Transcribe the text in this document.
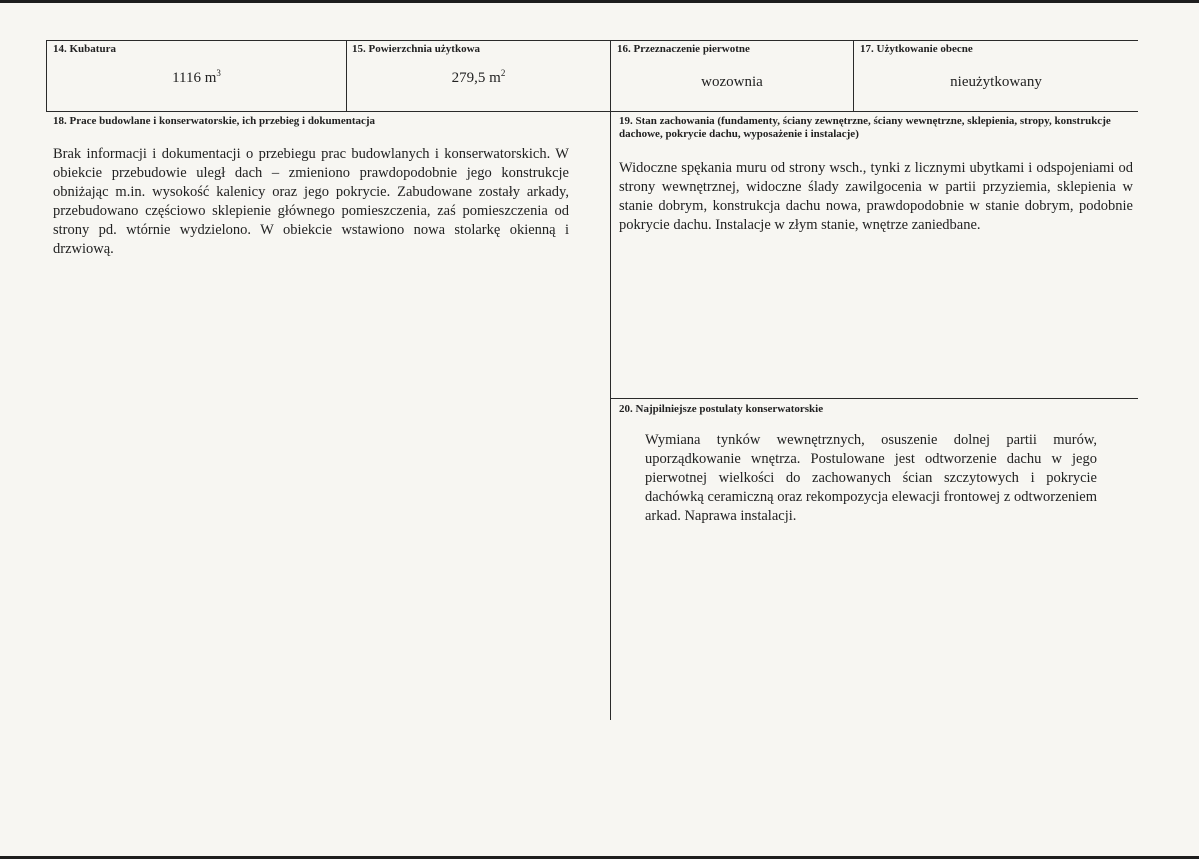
14. Kubatura
1116 $m^3$
15. Powierzchnia użytkowa
279,5 $m^2$
16. Przeznaczenie pierwotne
wozownia
17. Użytkowanie obecne
nieużytkowany
18. Prace budowlane i konserwatorskie, ich przebieg i dokumentacja
Brak informacji i dokumentacji o przebiegu prac budowlanych i konserwatorskich. W obiekcie przebudowie uległ dach – zmieniono prawdopodobnie jego konstrukcje obniżając m.in. wysokość kalenicy oraz jego pokrycie. Zabudowane zostały arkady, przebudowano częściowo sklepienie głównego pomieszczenia, zaś pomieszczenia od strony pd. wtórnie wydzielono. W obiekcie wstawiono nowa stolarkę okienną i drzwiową.
19. Stan zachowania (fundamenty, ściany zewnętrzne, ściany wewnętrzne, sklepienia, stropy, konstrukcje dachowe, pokrycie dachu, wyposażenie i instalacje)
Widoczne spękania muru od strony wsch., tynki z licznymi ubytkami i odspojeniami od strony wewnętrznej, widoczne ślady zawilgocenia w partii przyziemia, sklepienia w stanie dobrym, konstrukcja dachu nowa, prawdopodobnie w stanie dobrym, podobnie pokrycie dachu. Instalacje w złym stanie, wnętrze zaniedbane.
20. Najpilniejsze postulaty konserwatorskie
Wymiana tynków wewnętrznych, osuszenie dolnej partii murów, uporządkowanie wnętrza. Postulowane jest odtworzenie dachu w jego pierwotnej wielkości do zachowanych ścian szczytowych i pokrycie dachówką ceramiczną oraz rekompozycja elewacji frontowej z odtworzeniem arkad. Naprawa instalacji.
